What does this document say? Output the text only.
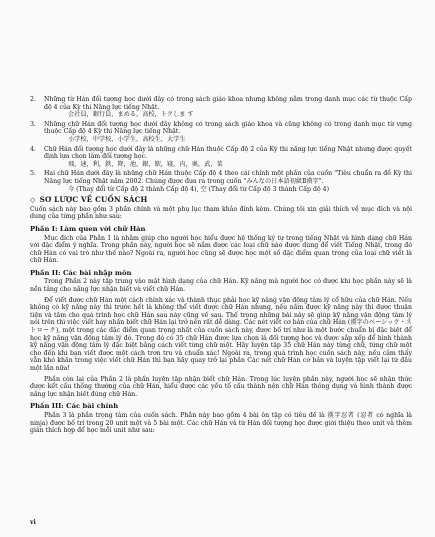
2.	Những từ Hán đối tượng học dưới đây có trong sách giáo khoa nhưng không nằm trong danh mục các từ thuộc Cấp độ 4 của Kỳ thi Năng lực tiếng Nhật.
会社員，銀行員，まめる，高校，トクしま す
3.	Những chữ Hán đối tượng học dưới đây không có trong sách giáo khoa và cũng không có trong danh mục từ vựng thuộc Cấp độ 4 Kỳ thi Năng lực tiếng Nhật.
小学校，中学校，小学生，高校生，大学生
4.	Chữ Hán đối tượng học dưới đây là những chữ Hán thuộc Cấp độ 2 của Kỳ thi năng lực tiếng Nhật nhưng được quyết định lựa chọn làm đối tượng học.
飛，速，利，鉄，降，池，銀，駅，寝，内，奥，武，菜
5.	Hai chữ Hán dưới đây là những chữ Hán thuộc Cấp độ 4 theo cái chính một phần của cuốn "Tiêu chuẩn ra đề Kỳ thi Năng lực tiếng Nhật năm 2002. Chúng được đưa ra trong cuốn "みんなの日本語初級Ⅱ漢字".
今 (Thay đổi từ Cấp độ 2 thành Cấp độ 4), 空 (Thay đổi từ Cấp độ 3 thành Cấp độ 4)
◇ SƠ LƯỢC VỀ CUỐN SÁCH

Cuốn sách này bao gồm 3 phần chính và một phụ lục tham khảo đính kèm. Chúng tôi xin giải thích về mục đích và nội dung của từng phần như sau:

Phần I: Làm quen với chữ Hán

Mục đích của Phần 1 là nhằm giúp cho người học hiểu được hệ thống ký tự trong tiếng Nhật và hình dạng chữ Hán với đặc điểm ý nghĩa. Trong phần này, người học sẽ nắm được các loại chữ nào được dùng để viết Tiếng Nhật, trong đó chữ Hán có vai trò như thế nào? Ngoài ra, người học cũng sẽ được học một số đặc điểm quan trọng của loại chữ viết là chữ Hán.

Phần II: Các bài nhập môn

Trong Phần 2 này tập trung vào mặt hình dạng của chữ Hán. Kỹ năng mà người học có được khi học phần này sẽ là nền tảng cho năng lực nhận biết và viết chữ Hán.

Để viết được chữ Hán một cách chính xác và thành thục phải học kỹ năng vận động tâm lý cổ hữu của chữ Hán. Nếu không có kỹ năng này thì trước hết là không thể viết được chữ Hán nhưng, nếu nắm được kỹ năng này thì được thuận tiện và tăm cho quá trình học chữ Hán sau này cũng về sau. Thế trọng những bài này sẽ giúp kỹ năng vận động tâm lý nói trên thì việc viết hay nhận biết chữ Hán lại trở nên rất dễ dàng. Các nét viết cơ bản của chữ Hán (漢字のベーシック・ストローク), một trong các đặc điểm quan trọng nhất của cuốn sách này, được bố trí như là một bước chuẩn bị đặc biệt để học kỹ năng vận động tâm lý đó. Trong đó có 35 chữ Hán được lựa chọn là đối tượng học và được sắp xếp để hình thành kỹ năng vận động tâm lý đặc biệt bằng cách viết từng chữ một. Hãy luyện tập 35 chữ Hán này từng chữ, từng chữ một cho đến khi bạn viết được một cách trơn tru và chuẩn xác! Ngoài ra, trong quá trình học cuốn sách này, nếu cảm thấy vẫn khó khăn trong việc viết chữ Hán thì bạn hãy quay trở lại phần Các nét chữ Hán cơ bản và luyện tập viết lại từ đầu một lần nữa!

Phần còn lại của Phần 2 là phần luyện tập nhận biết chữ Hán. Trong lúc luyện phần này, người học sẽ nhận thức được kết cấu thống thường của chữ Hán, hiểu được các yếu tố cấu thành nên chữ Hán thông dụng và hình thành được năng lực nhận biết đúng chữ Hán.

Phần III: Các bài chính

Phần 3 là phần trọng tâm của cuốn sách. Phần này bao gồm 4 bài ôn tập có tiêu đề là 漢字忍者 (忍者 có nghĩa là ninja) được bố trí trong 20 unit một và 5 bài một. Các chữ Hán và từ Hán đối tượng học được giới thiệu theo unit và thêm giản thích hợp để học mỗi unit như sau:

vi
